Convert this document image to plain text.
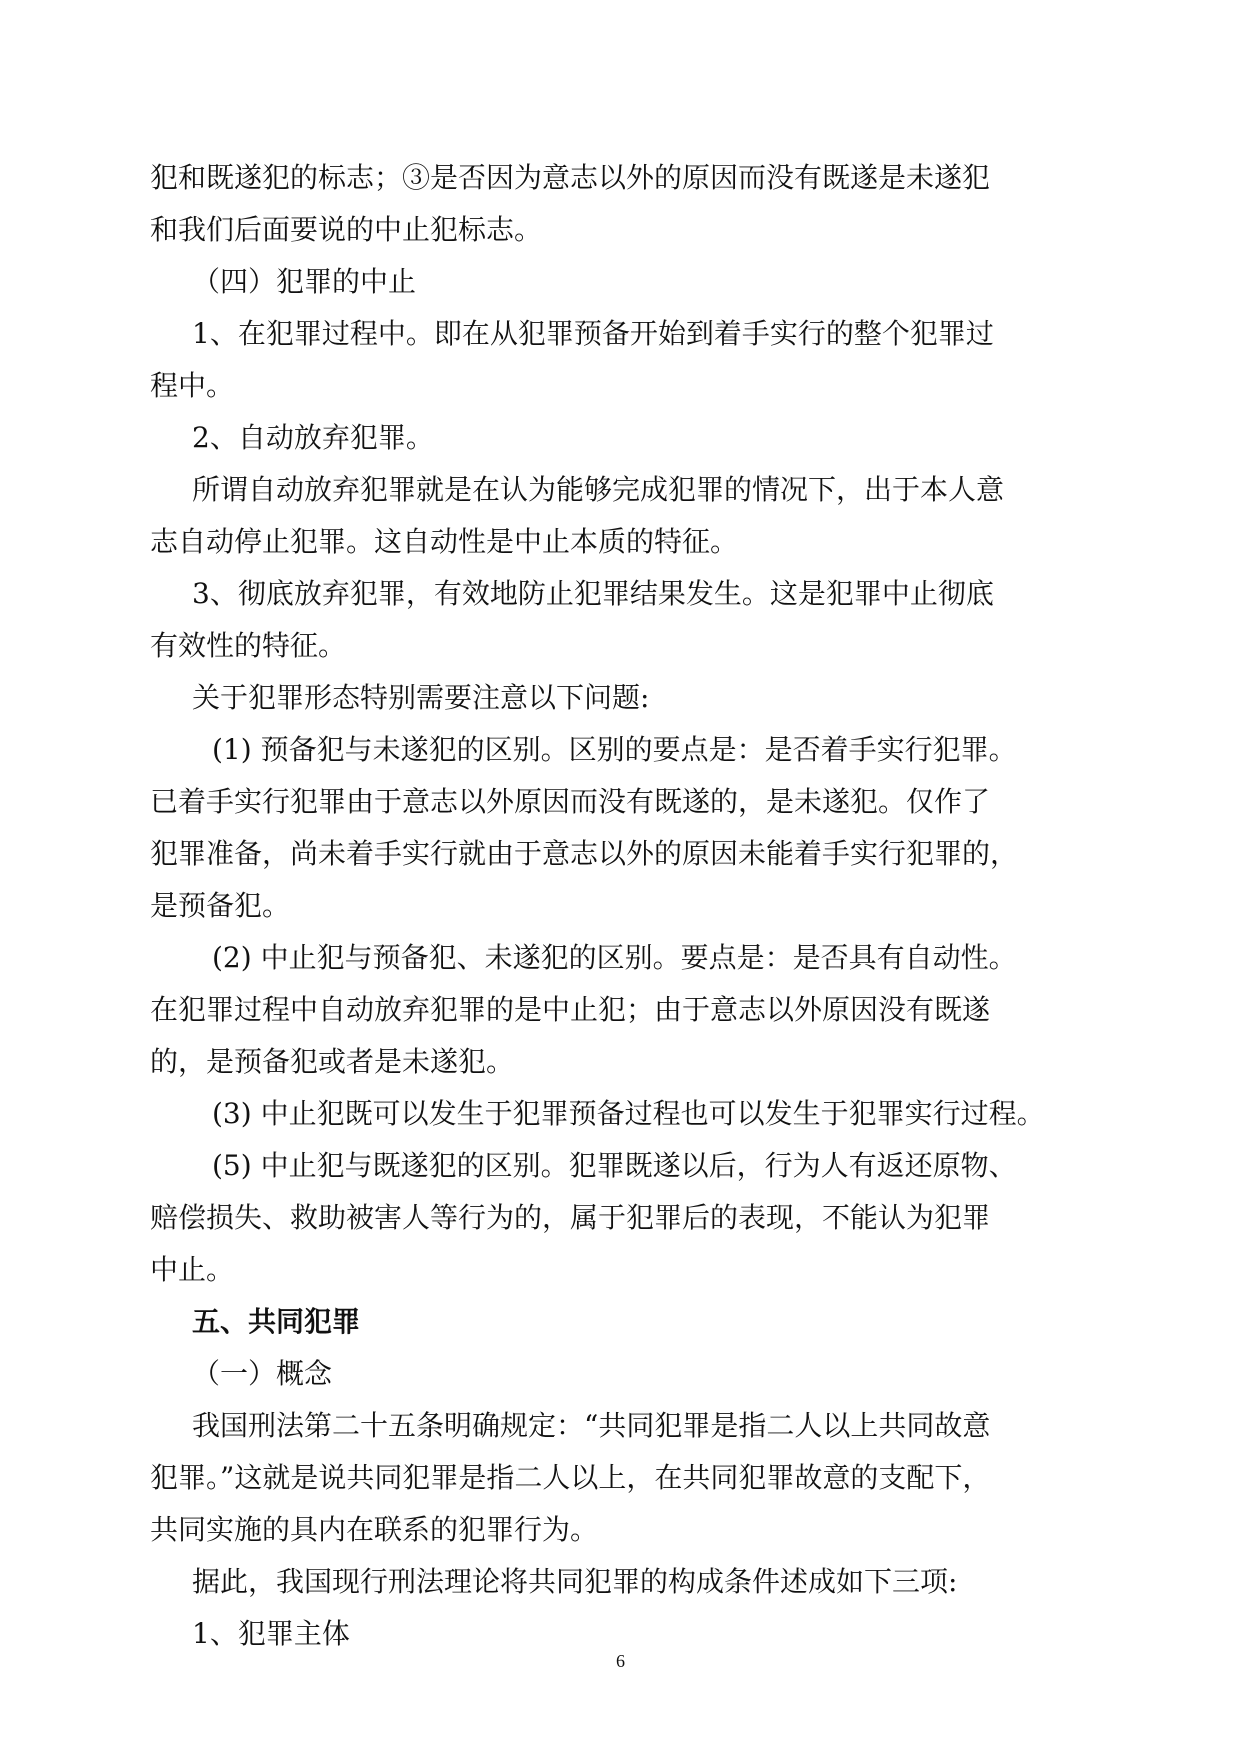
犯和既遂犯的标志；③是否因为意志以外的原因而没有既遂是未遂犯
和我们后面要说的中止犯标志。
（四）犯罪的中止
1、在犯罪过程中。即在从犯罪预备开始到着手实行的整个犯罪过
程中。
2、自动放弃犯罪。
所谓自动放弃犯罪就是在认为能够完成犯罪的情况下，出于本人意
志自动停止犯罪。这自动性是中止本质的特征。
3、彻底放弃犯罪，有效地防止犯罪结果发生。这是犯罪中止彻底
有效性的特征。
关于犯罪形态特别需要注意以下问题:
(1) 预备犯与未遂犯的区别。区别的要点是：是否着手实行犯罪。
已着手实行犯罪由于意志以外原因而没有既遂的，是未遂犯。仅作了
犯罪准备，尚未着手实行就由于意志以外的原因未能着手实行犯罪的，
是预备犯。
(2) 中止犯与预备犯、未遂犯的区别。要点是：是否具有自动性。
在犯罪过程中自动放弃犯罪的是中止犯；由于意志以外原因没有既遂
的，是预备犯或者是未遂犯。
(3) 中止犯既可以发生于犯罪预备过程也可以发生于犯罪实行过程。
(5) 中止犯与既遂犯的区别。犯罪既遂以后，行为人有返还原物、
赔偿损失、救助被害人等行为的，属于犯罪后的表现，不能认为犯罪
中止。
五、共同犯罪
（一）概念
我国刑法第二十五条明确规定：“共同犯罪是指二人以上共同故意
犯罪。”这就是说共同犯罪是指二人以上，在共同犯罪故意的支配下，
共同实施的具内在联系的犯罪行为。
据此，我国现行刑法理论将共同犯罪的构成条件述成如下三项:
1、犯罪主体
6
